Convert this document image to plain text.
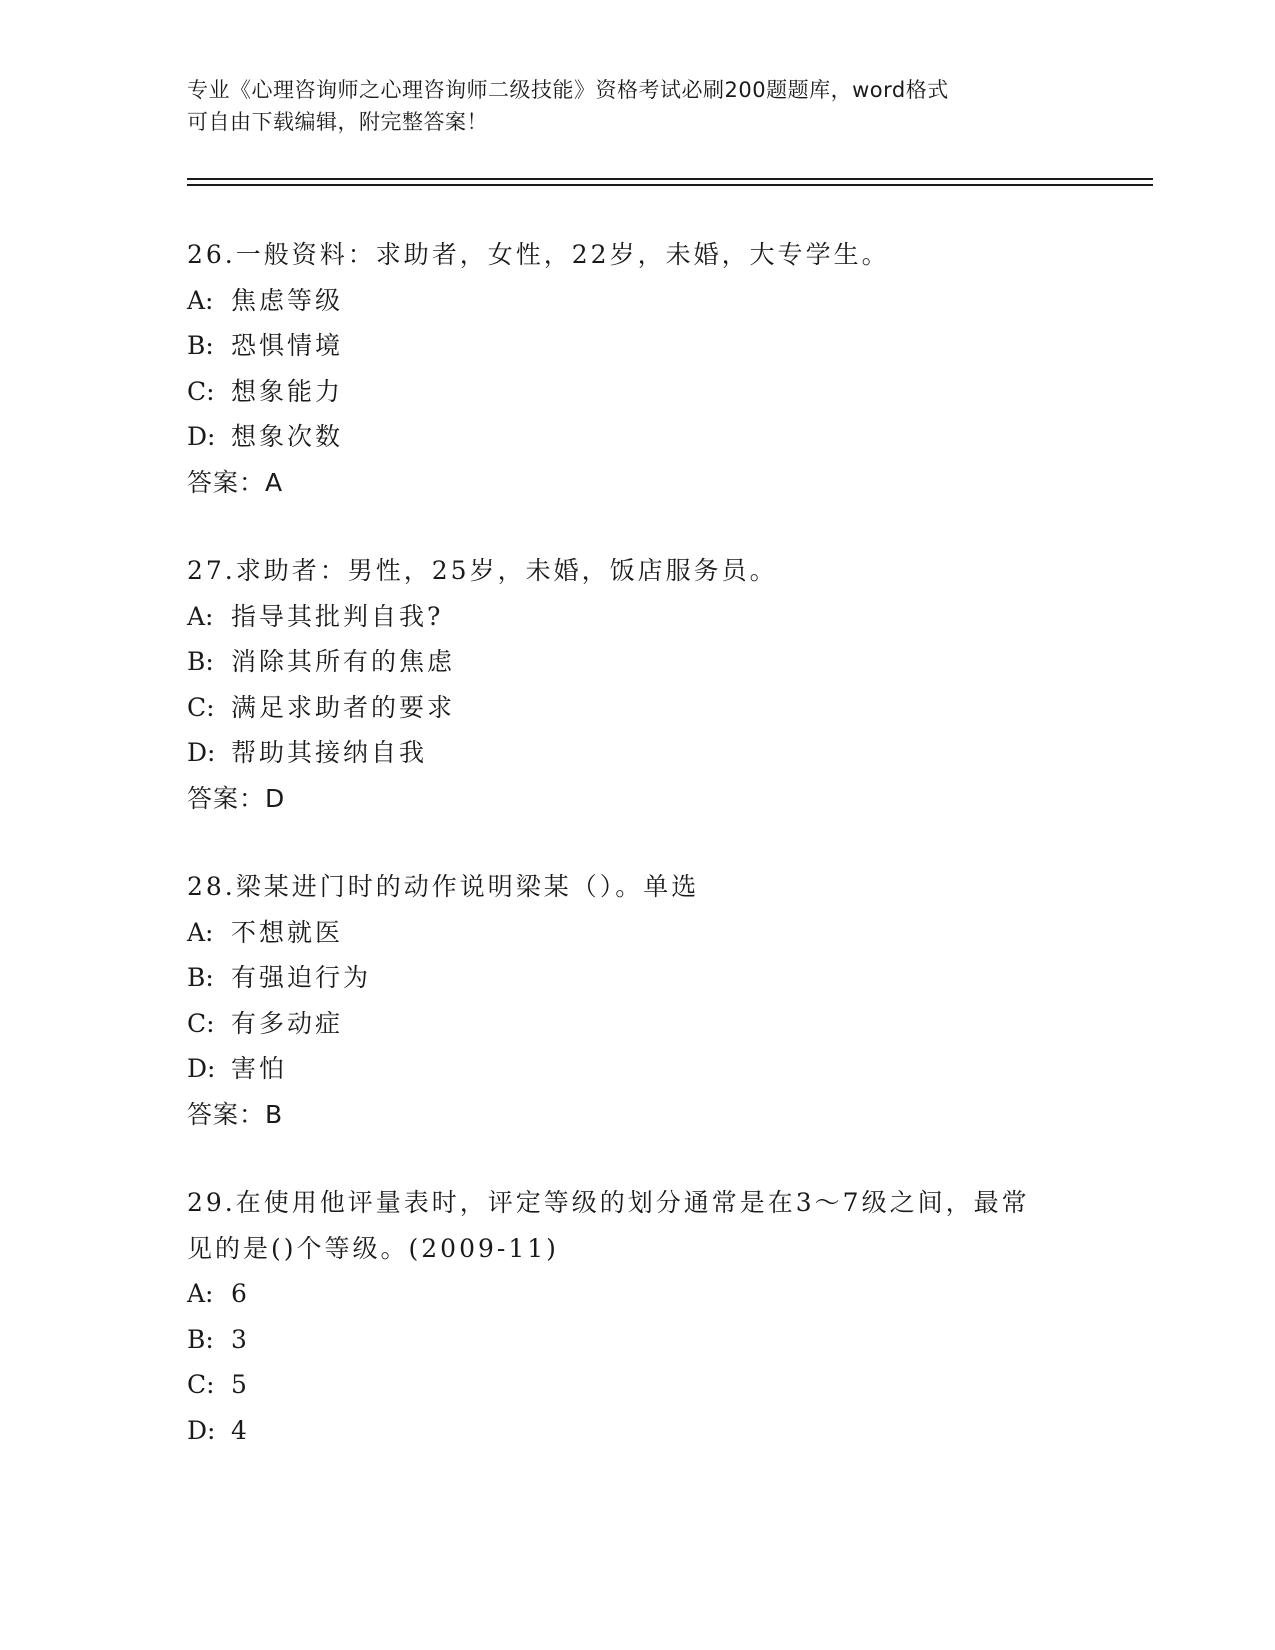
专业《心理咨询师之心理咨询师二级技能》资格考试必刷200题题库，word格式
可自由下载编辑，附完整答案！
26.一般资料：求助者，女性，22岁，未婚，大专学生。
A: 焦虑等级
B: 恐惧情境
C: 想象能力
D: 想象次数
答案：A
27.求助者：男性，25岁，未婚，饭店服务员。
A: 指导其批判自我?
B: 消除其所有的焦虑
C: 满足求助者的要求
D: 帮助其接纳自我
答案：D
28.梁某进门时的动作说明梁某（）。单选
A: 不想就医
B: 有强迫行为
C: 有多动症
D: 害怕
答案：B
29.在使用他评量表时，评定等级的划分通常是在3～7级之间，最常
见的是()个等级。(2009-11)
A: 6
B: 3
C: 5
D: 4
